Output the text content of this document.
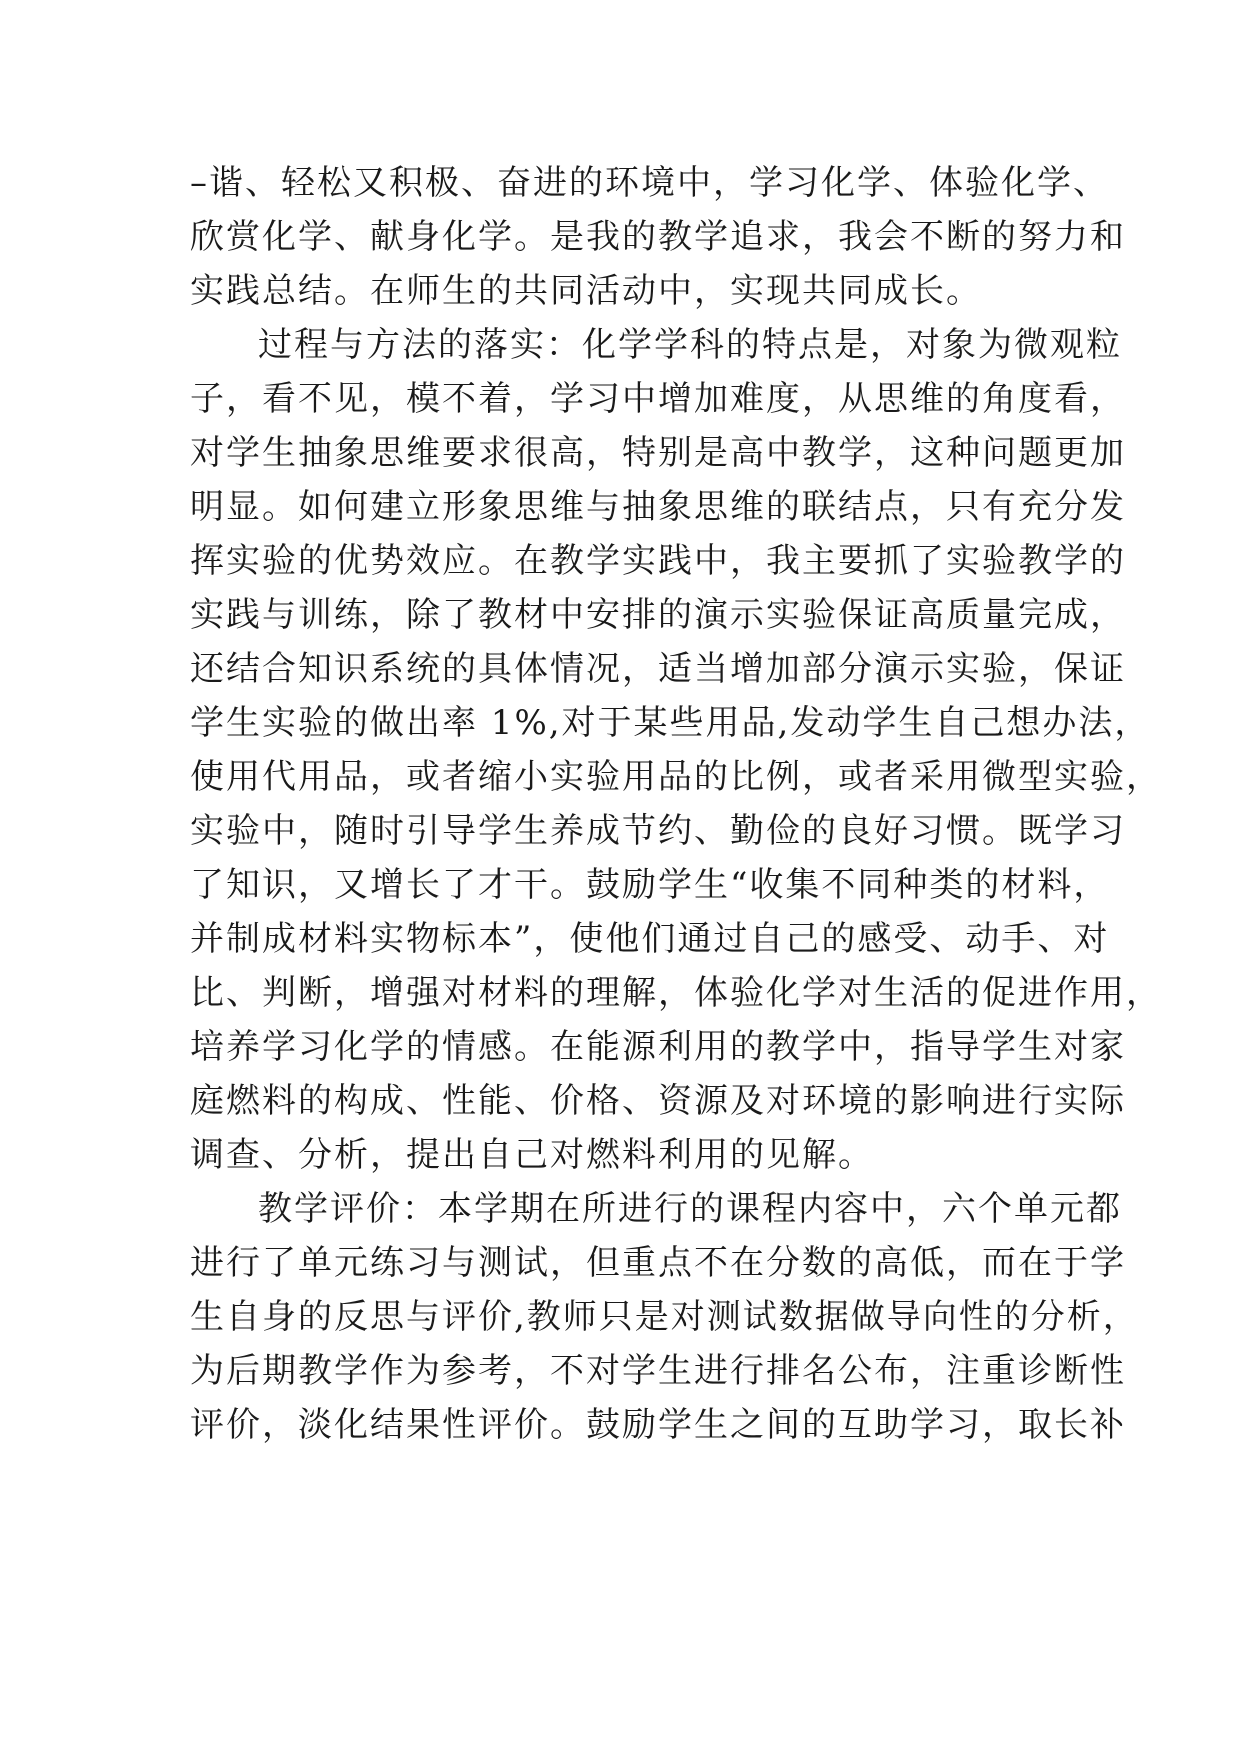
–谐、轻松又积极、奋进的环境中，学习化学、体验化学、
欣赏化学、献身化学。是我的教学追求，我会不断的努力和
实践总结。在师生的共同活动中，实现共同成长。
过程与方法的落实：化学学科的特点是，对象为微观粒
子，看不见，模不着，学习中增加难度，从思维的角度看，
对学生抽象思维要求很高，特别是高中教学，这种问题更加
明显。如何建立形象思维与抽象思维的联结点，只有充分发
挥实验的优势效应。在教学实践中，我主要抓了实验教学的
实践与训练，除了教材中安排的演示实验保证高质量完成，
还结合知识系统的具体情况，适当增加部分演示实验，保证
学生实验的做出率 1%,对于某些用品,发动学生自己想办法，
使用代用品，或者缩小实验用品的比例，或者采用微型实验，
实验中，随时引导学生养成节约、勤俭的良好习惯。既学习
了知识，又增长了才干。鼓励学生“收集不同种类的材料，
并制成材料实物标本”，使他们通过自己的感受、动手、对
比、判断，增强对材料的理解，体验化学对生活的促进作用，
培养学习化学的情感。在能源利用的教学中，指导学生对家
庭燃料的构成、性能、价格、资源及对环境的影响进行实际
调查、分析，提出自己对燃料利用的见解。
教学评价：本学期在所进行的课程内容中，六个单元都
进行了单元练习与测试，但重点不在分数的高低，而在于学
生自身的反思与评价,教师只是对测试数据做导向性的分析，
为后期教学作为参考，不对学生进行排名公布，注重诊断性
评价，淡化结果性评价。鼓励学生之间的互助学习，取长补
